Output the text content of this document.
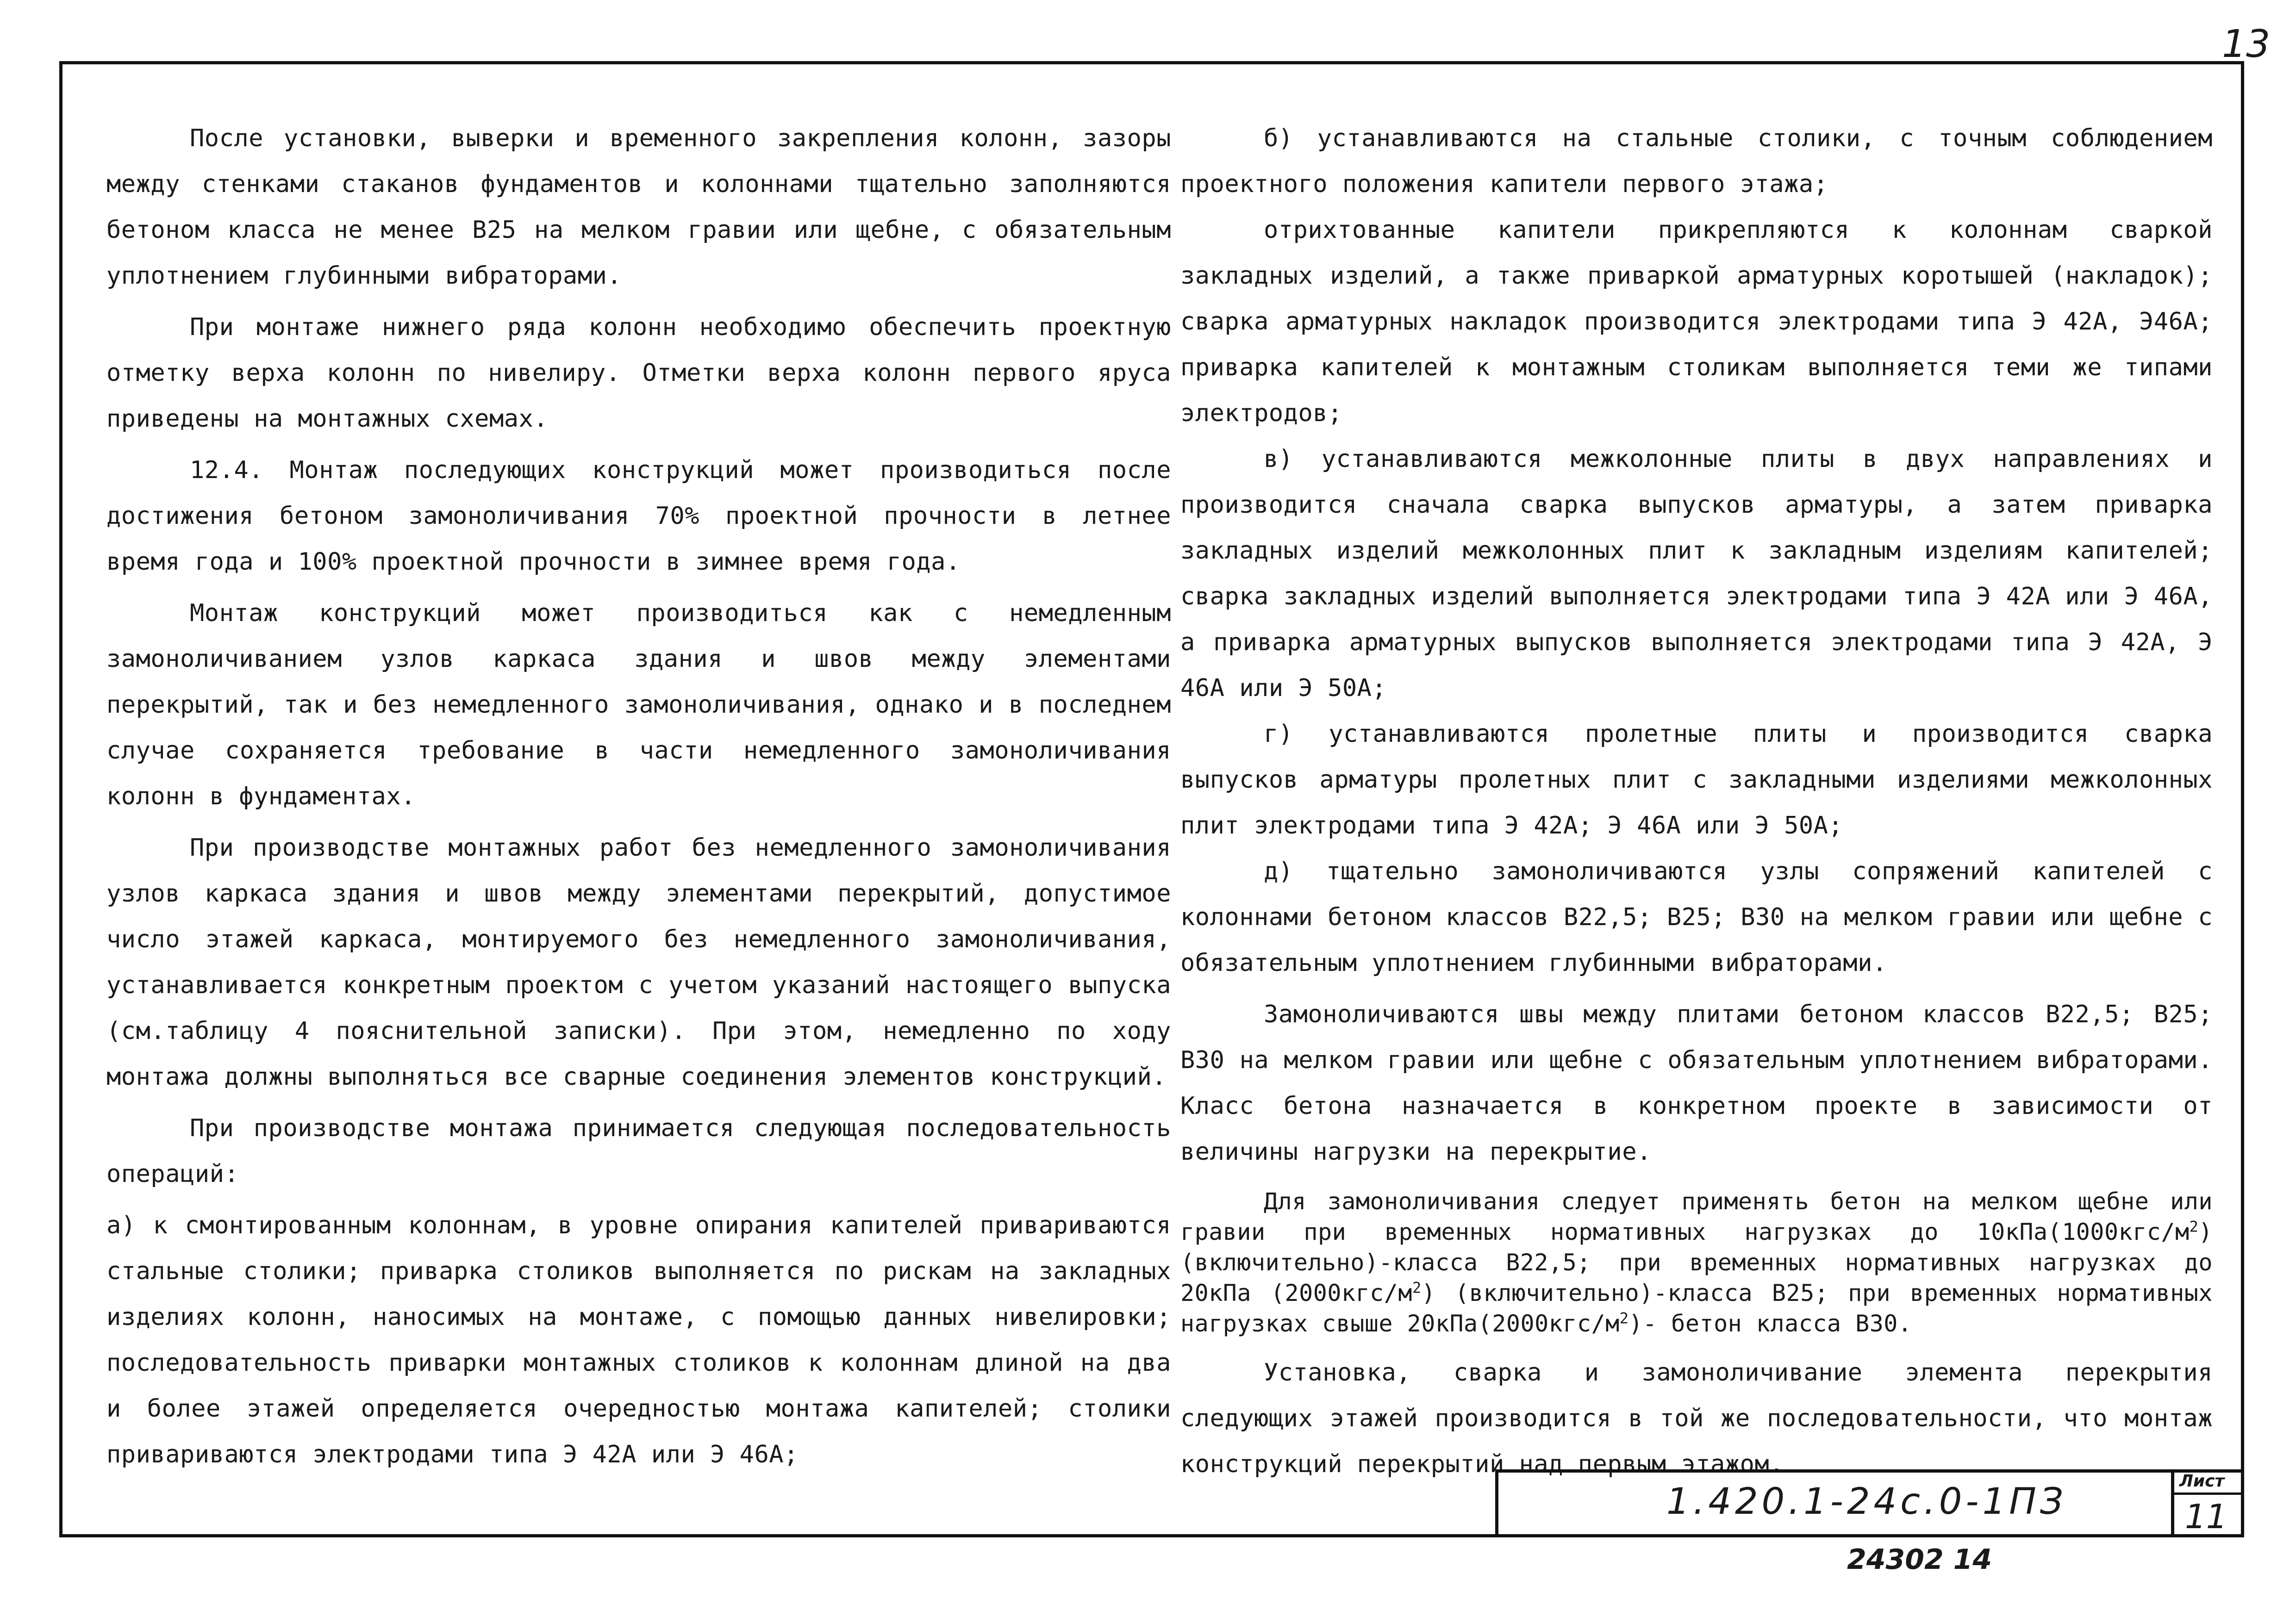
13

После установки, выверки и временного закрепления колонн, зазоры между стенками стаканов фундаментов и колоннами тщательно заполняются бетоном класса не менее В25 на мелком гравии или щебне, с обязательным уплотнением глубинными вибраторами.

При монтаже нижнего ряда колонн необходимо обеспечить проектную отметку верха колонн по нивелиру. Отметки верха колонн первого яруса приведены на монтажных схемах.

12.4. Монтаж последующих конструкций может производиться после достижения бетоном замоноличивания 70% проектной прочности в летнее время года и 100% проектной прочности в зимнее время года.

Монтаж конструкций может производиться как с немедленным замоноличиванием узлов каркаса здания и швов между элементами перекрытий, так и без немедленного замоноличивания, однако и в последнем случае сохраняется требование в части немедленного замоноличивания колонн в фундаментах.

При производстве монтажных работ без немедленного замоноличивания узлов каркаса здания и швов между элементами перекрытий, допустимое число этажей каркаса, монтируемого без немедленного замоноличивания, устанавливается конкретным проектом с учетом указаний настоящего выпуска (см.таблицу 4 пояснительной записки). При этом, немедленно по ходу монтажа должны выполняться все сварные соединения элементов конструкций.

При производстве монтажа принимается следующая последовательность операций:

а) к смонтированным колоннам, в уровне опирания капителей привариваются стальные столики; приварка столиков выполняется по рискам на закладных изделиях колонн, наносимых на монтаже, с помощью данных нивелировки; последовательность приварки монтажных столиков к колоннам длиной на два и более этажей определяется очередностью монтажа капителей; столики привариваются электродами типа Э 42А или Э 46А;

б) устанавливаются на стальные столики, с точным соблюдением проектного положения капители первого этажа;

отрихтованные капители прикрепляются к колоннам сваркой закладных изделий, а также приваркой арматурных коротышей (накладок); сварка арматурных накладок производится электродами типа Э 42А, Э46А; приварка капителей к монтажным столикам выполняется теми же типами электродов;

в) устанавливаются межколонные плиты в двух направлениях и производится сначала сварка выпусков арматуры, а затем приварка закладных изделий межколонных плит к закладным изделиям капителей; сварка закладных изделий выполняется электродами типа Э 42А или Э 46А, а приварка арматурных выпусков выполняется электродами типа Э 42А, Э 46А или Э 50А;

г) устанавливаются пролетные плиты и производится сварка выпусков арматуры пролетных плит с закладными изделиями межколонных плит электродами типа Э 42А; Э 46А или Э 50А;

д) тщательно замоноличиваются узлы сопряжений капителей с колоннами бетоном классов В22,5; В25; В30 на мелком гравии или щебне с обязательным уплотнением глубинными вибраторами.

Замоноличиваются швы между плитами бетоном классов В22,5; В25; В30 на мелком гравии или щебне с обязательным уплотнением вибраторами. Класс бетона назначается в конкретном проекте в зависимости от величины нагрузки на перекрытие.

Для замоноличивания следует применять бетон на мелком щебне или гравии при временных нормативных нагрузках до $10кПа(1000кгс/м^2)$ (включительно)-класса В22,5; при временных нормативных нагрузках до 20кПа $(2000кгс/м^2)$ (включительно)-класса В25; при временных нормативных нагрузках свыше $20кПа(2000кгс/м^2)-$ бетон класса В30.

Установка, сварка и замоноличивание элемента перекрытия следующих этажей производится в той же последовательности, что монтаж конструкций перекрытий над первым этажом.

1.420.1-24с.0-1ПЗ	Лист
11
24302 14
